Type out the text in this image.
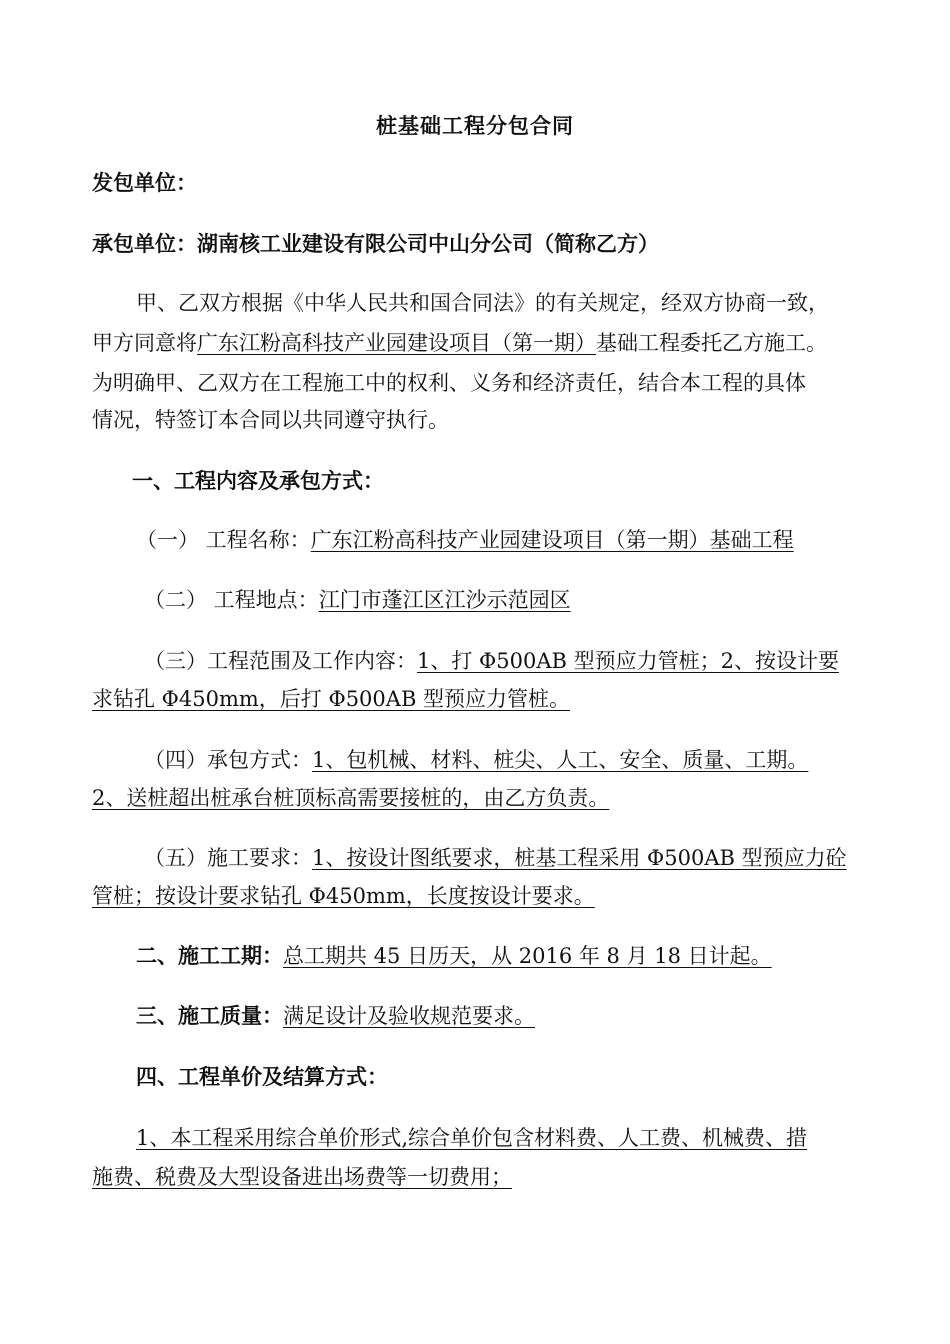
桩基础工程分包合同
发包单位：
承包单位：湖南核工业建设有限公司中山分公司（简称乙方）
甲、乙双方根据《中华人民共和国合同法》的有关规定，经双方协商一致，
甲方同意将广东江粉高科技产业园建设项目（第一期）基础工程委托乙方施工。
为明确甲、乙双方在工程施工中的权利、义务和经济责任，结合本工程的具体
情况，特签订本合同以共同遵守执行。
一、工程内容及承包方式：
（一） 工程名称：广东江粉高科技产业园建设项目（第一期）基础工程
（二） 工程地点：江门市蓬江区江沙示范园区
（三）工程范围及工作内容：1、打 Φ500AB 型预应力管桩；2、按设计要
求钻孔 Φ450mm，后打 Φ500AB 型预应力管桩。
（四）承包方式：1、包机械、材料、桩尖、人工、安全、质量、工期。
2、送桩超出桩承台桩顶标高需要接桩的，由乙方负责。
（五）施工要求：1、按设计图纸要求，桩基工程采用 Φ500AB 型预应力砼
管桩；按设计要求钻孔 Φ450mm，长度按设计要求。
二、施工工期：总工期共 45 日历天，从 2016 年 8 月 18 日计起。
三、施工质量：满足设计及验收规范要求。
四、工程单价及结算方式：
1、本工程采用综合单价形式,综合单价包含材料费、人工费、机械费、措
施费、税费及大型设备进出场费等一切费用；
